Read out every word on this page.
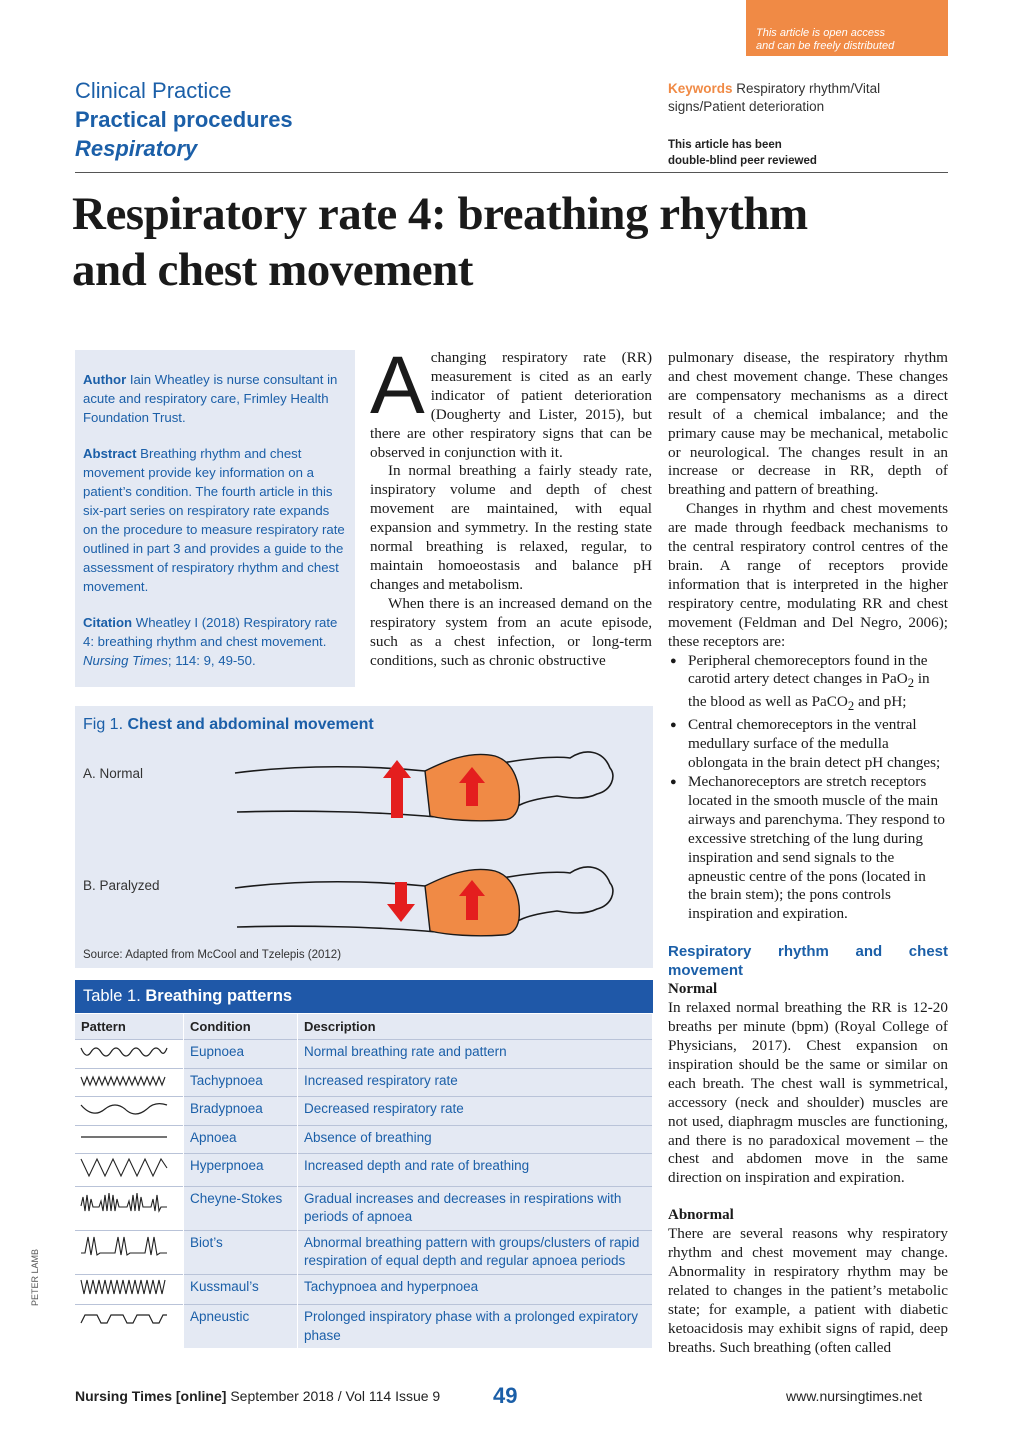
This article is open access
and can be freely distributed
Clinical Practice
Practical procedures
Respiratory
Keywords Respiratory rhythm/Vital signs/Patient deterioration
This article has been
double-blind peer reviewed
Respiratory rate 4: breathing rhythm
and chest movement

Author Iain Wheatley is nurse consultant in acute and respiratory care, Frimley Health Foundation Trust.

Abstract Breathing rhythm and chest movement provide key information on a patient’s condition. The fourth article in this six-part series on respiratory rate expands on the procedure to measure respiratory rate outlined in part 3 and provides a guide to the assessment of respiratory rhythm and chest movement.

Citation Wheatley I (2018) Respiratory rate 4: breathing rhythm and chest movement. Nursing Times; 114: 9, 49-50.

Achanging respiratory rate (RR) measurement is cited as an early indicator of patient deterioration (Dougherty and Lister, 2015), but there are other respiratory signs that can be observed in conjunction with it.

In normal breathing a fairly steady rate, inspiratory volume and depth of chest movement are maintained, with equal expansion and symmetry. In the resting state normal breathing is relaxed, regular, to maintain homoeostasis and balance pH changes and metabolism.

When there is an increased demand on the respiratory system from an acute episode, such as a chest infection, or long-term conditions, such as chronic obstructive

pulmonary disease, the respiratory rhythm and chest movement change. These changes are compensatory mechanisms as a direct result of a chemical imbalance; and the primary cause may be mechanical, metabolic or neurological. The changes result in an increase or decrease in RR, depth of breathing and pattern of breathing.

Changes in rhythm and chest movements are made through feedback mechanisms to the central respiratory control centres of the brain. A range of receptors provide information that is interpreted in the higher respiratory centre, modulating RR and chest movement (Feldman and Del Negro, 2006); these receptors are:

● Peripheral chemoreceptors found in the carotid artery detect changes in PaO$_2$ in the blood as well as PaCO$_2$ and pH;
● Central chemoreceptors in the ventral medullary surface of the medulla oblongata in the brain detect pH changes;
● Mechanoreceptors are stretch receptors located in the smooth muscle of the main airways and parenchyma. They respond to excessive stretching of the lung during inspiration and send signals to the apneustic centre of the pons (located in the brain stem); the pons controls inspiration and expiration.
Respiratory rhythm and chest movement
Normal

In relaxed normal breathing the RR is 12-20 breaths per minute (bpm) (Royal College of Physicians, 2017). Chest expansion on inspiration should be the same or similar on each breath. The chest wall is symmetrical, accessory (neck and shoulder) muscles are not used, diaphragm muscles are functioning, and there is no paradoxical movement – the chest and abdomen move in the same direction on inspiration and expiration.

Abnormal

There are several reasons why respiratory rhythm and chest movement may change. Abnormality in respiratory rhythm may be related to changes in the patient’s metabolic state; for example, a patient with diabetic ketoacidosis may exhibit signs of rapid, deep breaths. Such breathing (often called

Fig 1. Chest and abdominal movement
A. Normal
B. Paralyzed
Source: Adapted from McCool and Tzelepis (2012)
Table 1. Breathing patterns
Pattern	Condition	Description
	Eupnoea	Normal breathing rate and pattern
	Tachypnoea	Increased respiratory rate
	Bradypnoea	Decreased respiratory rate
	Apnoea	Absence of breathing
	Hyperpnoea	Increased depth and rate of breathing
	Cheyne-Stokes	Gradual increases and decreases in respirations with periods of apnoea
	Biot’s	Abnormal breathing pattern with groups/clusters of rapid respiration of equal depth and regular apnoea periods
	Kussmaul’s	Tachypnoea and hyperpnoea
	Apneustic	Prolonged inspiratory phase with a prolonged expiratory phase
PETER LAMB
Nursing Times [online] September 2018 / Vol 114 Issue 9 49	www.nursingtimes.net
